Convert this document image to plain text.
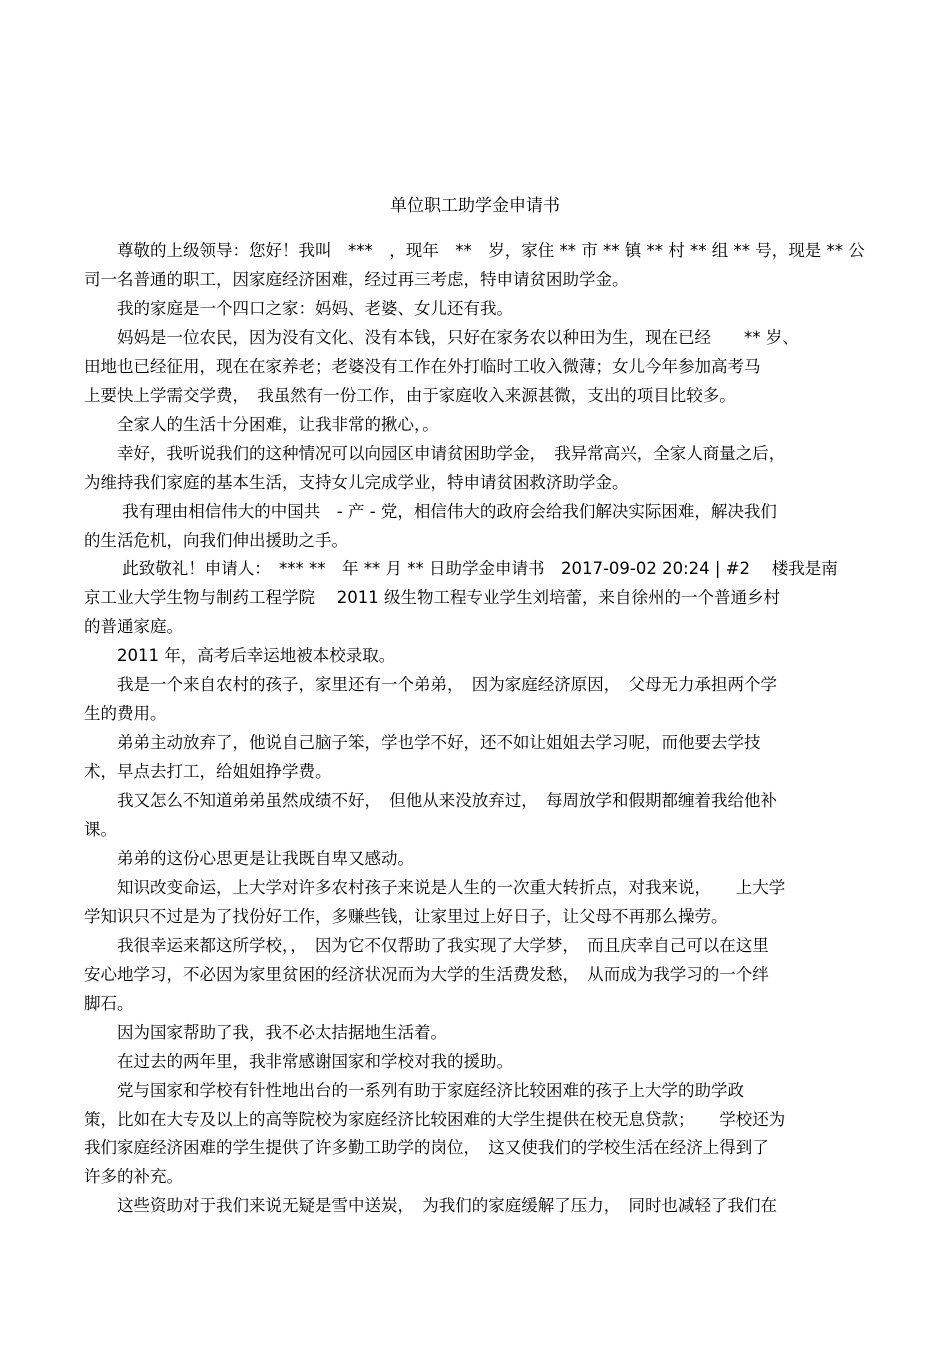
单位职工助学金申请书
　　尊敬的上级领导：您好！我叫　***　，现年　**　岁，家住 ** 市 ** 镇 ** 村 ** 组 ** 号，现是 ** 公
司一名普通的职工，因家庭经济困难，经过再三考虑，特申请贫困助学金。
　　我的家庭是一个四口之家：妈妈、老婆、女儿还有我。
　　妈妈是一位农民，因为没有文化、没有本钱，只好在家务农以种田为生，现在已经　　** 岁、
田地也已经征用，现在在家养老；老婆没有工作在外打临时工收入微薄；女儿今年参加高考马
上要快上学需交学费，　我虽然有一份工作，由于家庭收入来源甚微，支出的项目比较多。
　　全家人的生活十分困难，让我非常的揪心，。
　　幸好，我听说我们的这种情况可以向园区申请贫困助学金，　我异常高兴，全家人商量之后，
为维持我们家庭的基本生活，支持女儿完成学业，特申请贫困救济助学金。
　　 我有理由相信伟大的中国共　- 产 - 党，相信伟大的政府会给我们解决实际困难，解决我们
的生活危机，向我们伸出援助之手。
　　 此致敬礼！申请人：　*** **　年 ** 月 ** 日助学金申请书　2017-09-02 20:24 | #2　 楼我是南
京工业大学生物与制药工程学院　 2011 级生物工程专业学生刘培蕾，来自徐州的一个普通乡村
的普通家庭。
　　2011 年，高考后幸运地被本校录取。
　　我是一个来自农村的孩子，家里还有一个弟弟，　因为家庭经济原因，　父母无力承担两个学
生的费用。
　　弟弟主动放弃了，他说自己脑子笨，学也学不好，还不如让姐姐去学习呢，而他要去学技
术，早点去打工，给姐姐挣学费。
　　我又怎么不知道弟弟虽然成绩不好，　但他从来没放弃过，　每周放学和假期都缠着我给他补
课。
　　弟弟的这份心思更是让我既自卑又感动。
　　知识改变命运，上大学对许多农村孩子来说是人生的一次重大转折点，对我来说，　　上大学
学知识只不过是为了找份好工作，多赚些钱，让家里过上好日子，让父母不再那么操劳。
　　我很幸运来都这所学校，，　因为它不仅帮助了我实现了大学梦，　而且庆幸自己可以在这里
安心地学习，不必因为家里贫困的经济状况而为大学的生活费发愁，　从而成为我学习的一个绊
脚石。
　　因为国家帮助了我，我不必太拮据地生活着。
　　在过去的两年里，我非常感谢国家和学校对我的援助。
　　党与国家和学校有针性地出台的一系列有助于家庭经济比较困难的孩子上大学的助学政
策，比如在大专及以上的高等院校为家庭经济比较困难的大学生提供在校无息贷款；　　学校还为
我们家庭经济困难的学生提供了许多勤工助学的岗位，　这又使我们的学校生活在经济上得到了
许多的补充。
　　这些资助对于我们来说无疑是雪中送炭，　为我们的家庭缓解了压力，　同时也减轻了我们在
